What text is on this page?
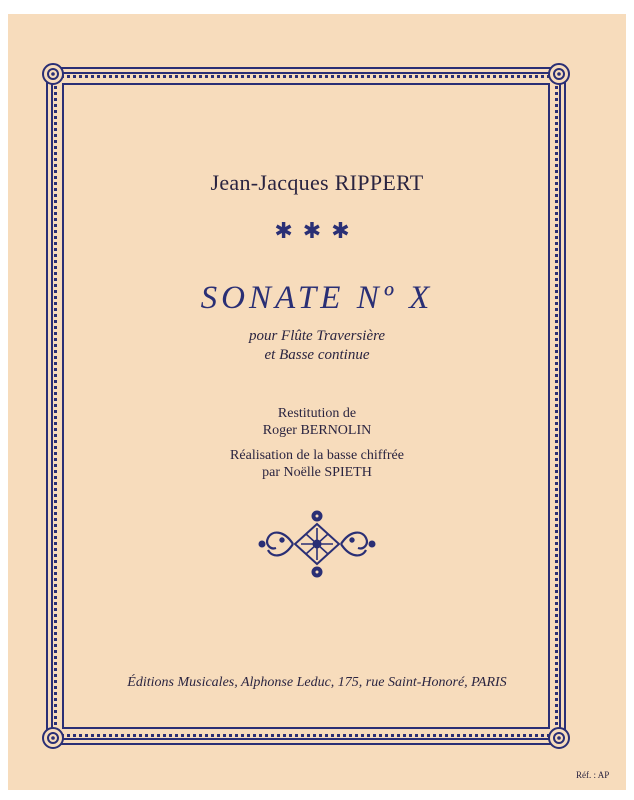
Jean-Jacques RIPPERT
✱✱✱
SONATE Nº X
pour Flûte Traversière
et Basse continue
Restitution de
Roger BERNOLIN
Réalisation de la basse chiffrée
par Noëlle SPIETH
Éditions Musicales, Alphonse Leduc, 175, rue Saint-Honoré, PARIS
Réf. : AP
